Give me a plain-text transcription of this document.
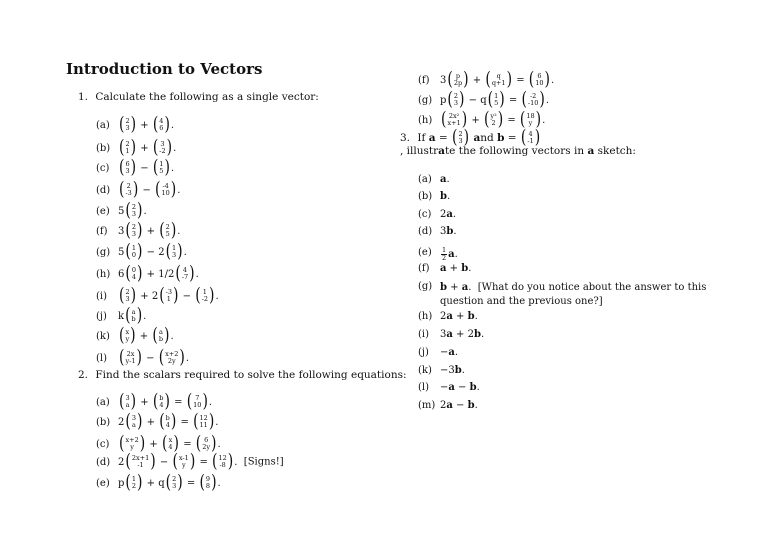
Introduction to Vectors
1. Calculate the following as a single vector:
2. Find the scalars required to solve the following equations:
3. If a = ( 2
3 ) and b = ( 4
-1 )
, illustrate the following vectors in a sketch:
(a) ( 2
3 ) + ( 4
6 ) .
(b) ( 2
1 ) + ( 3
-2 ) .
(c) ( 6
3 ) − ( 1
5 ) .
(d) ( 2
-3 ) − ( -4
10 ) .
(e) 5 ( 2
3 ) .
(f)	3 ( 2
3 ) + ( 2
5 ) .
(g) 5 ( 1
0 ) − 2 ( 1
3 ) .
(h) 6 ( 0
4 ) + 1 / 2 ( 4
-7 ) .
(i) ( 2
3 ) + 2 ( -3
1 ) − ( 1
-2 ) .
(j)	k ( a
b ) .
(k) ( x
y ) + ( a
b ) .
(l) ( 2x
y-1 ) − ( x+2
2y ) .
(a) ( 3
a ) + ( b
4 ) = ( 7
10 ) .
(b) 2 ( 3
a ) + ( b
4 ) = ( 12
11 ) .
(c) ( x+2
y ) + ( x
4 ) = ( 6
2y ) .
(d) 2 ( 2x+1
-1 ) − ( x-1
y ) = ( 12
-8 ) . [Signs!]
(e) p ( 1
2 ) + q ( 2
3 ) = ( 9
8 ) .
(f)	3 ( p
2p ) + ( q
q+1 ) = ( 6
10 ) .
(g) p ( 2
3 ) − q ( 1
5 ) = ( -2
-10 ) .
(h) ( 2x²
x+1 ) + ( y²
2 ) = ( 18
y ) .
(a) a .
(b) b .
(c) 2 a .
(d) 3 b .
(e)	$\frac{1}{2}$ a .
(f)	a + b .
(g) b + a.  [What do you notice about the answer to this question and the previous one?]
(h) 2 a + b .
(i)	3 a + 2 b .
(j)	− a .
(k) −3 b .
(l)	− a − b .
(m) 2 a − b .
